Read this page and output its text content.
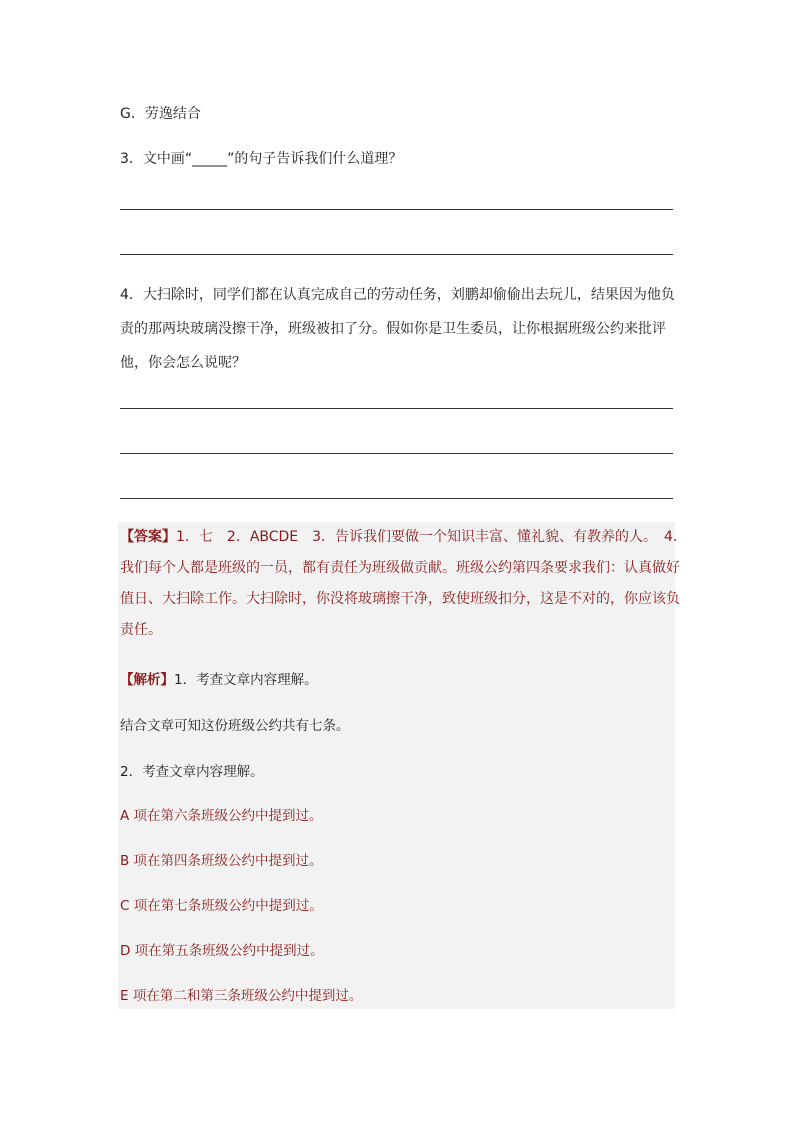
G．劳逸结合
3．文中画“_____”的句子告诉我们什么道理？
4．大扫除时，同学们都在认真完成自己的劳动任务，刘鹏却偷偷出去玩儿，结果因为他负责的那两块玻璃没擦干净，班级被扣了分。假如你是卫生委员，让你根据班级公约来批评他，你会怎么说呢？
【答案】1．七　2．ABCDE　3．告诉我们要做一个知识丰富、懂礼貌、有教养的人。　4．我们每个人都是班级的一员，都有责任为班级做贡献。班级公约第四条要求我们：认真做好值日、大扫除工作。大扫除时，你没将玻璃擦干净，致使班级扣分，这是不对的，你应该负责任。
【解析】1．考查文章内容理解。
结合文章可知这份班级公约共有七条。
2．考查文章内容理解。
A 项在第六条班级公约中提到过。
B 项在第四条班级公约中提到过。
C 项在第七条班级公约中提到过。
D 项在第五条班级公约中提到过。
E 项在第二和第三条班级公约中提到过。
